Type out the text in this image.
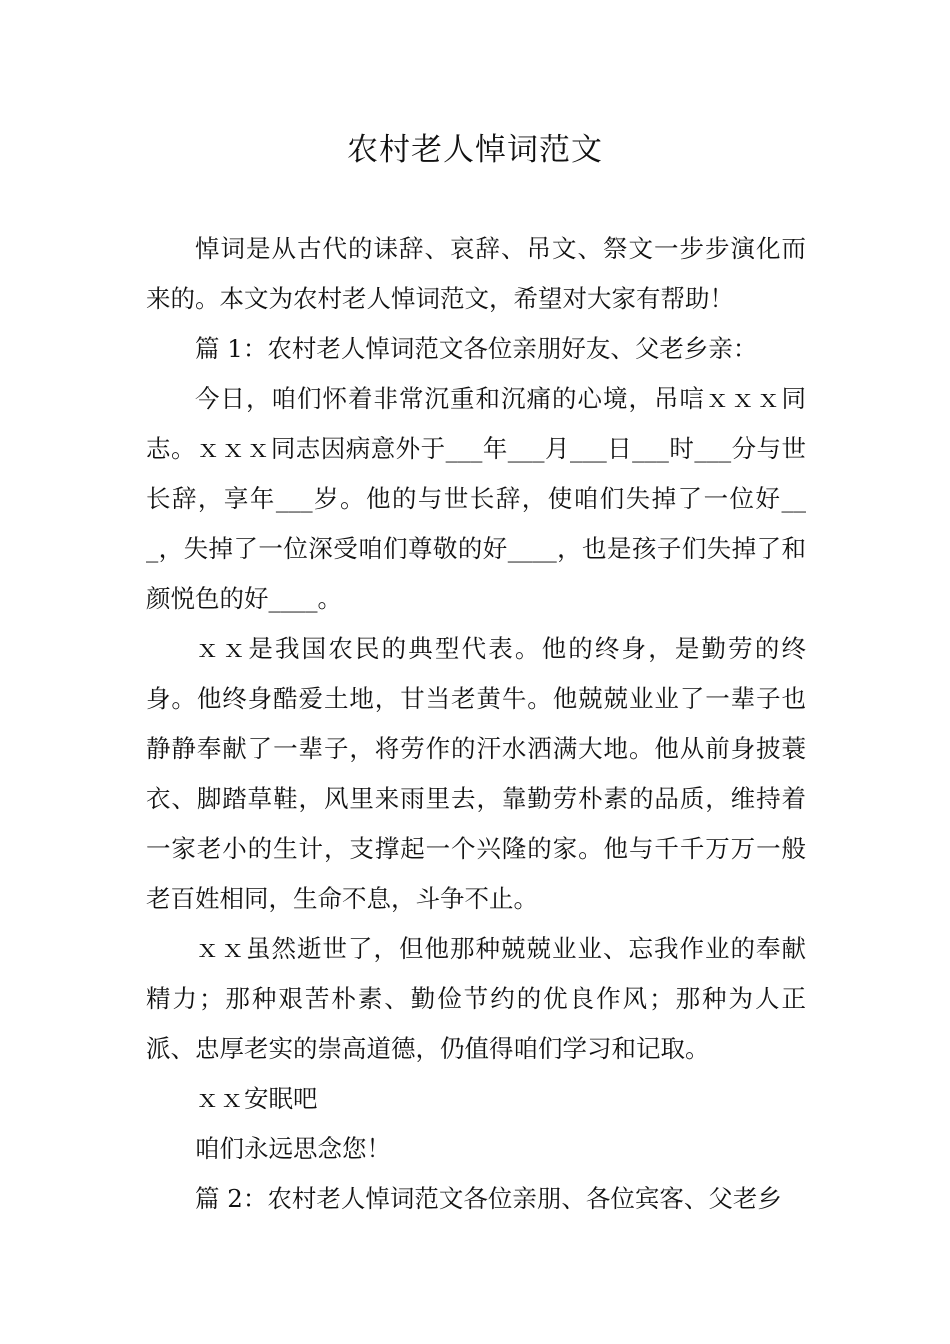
农村老人悼词范文

悼词是从古代的诔辞、哀辞、吊文、祭文一步步演化而来的。本文为农村老人悼词范文，希望对大家有帮助！

篇 1：农村老人悼词范文各位亲朋好友、父老乡亲：

今日，咱们怀着非常沉重和沉痛的心境，吊唁ｘｘｘ同志。ｘｘｘ同志因病意外于___年___月___日___时___分与世长辞，享年___岁。他的与世长辞，使咱们失掉了一位好___，失掉了一位深受咱们尊敬的好____，也是孩子们失掉了和颜悦色的好____。

ｘｘ是我国农民的典型代表。他的终身，是勤劳的终身。他终身酷爱土地，甘当老黄牛。他兢兢业业了一辈子也静静奉献了一辈子，将劳作的汗水洒满大地。他从前身披蓑衣、脚踏草鞋，风里来雨里去，靠勤劳朴素的品质，维持着一家老小的生计，支撑起一个兴隆的家。他与千千万万一般老百姓相同，生命不息，斗争不止。

ｘｘ虽然逝世了，但他那种兢兢业业、忘我作业的奉献精力；那种艰苦朴素、勤俭节约的优良作风；那种为人正派、忠厚老实的崇高道德，仍值得咱们学习和记取。

ｘｘ安眠吧

咱们永远思念您！

篇 2：农村老人悼词范文各位亲朋、各位宾客、父老乡
